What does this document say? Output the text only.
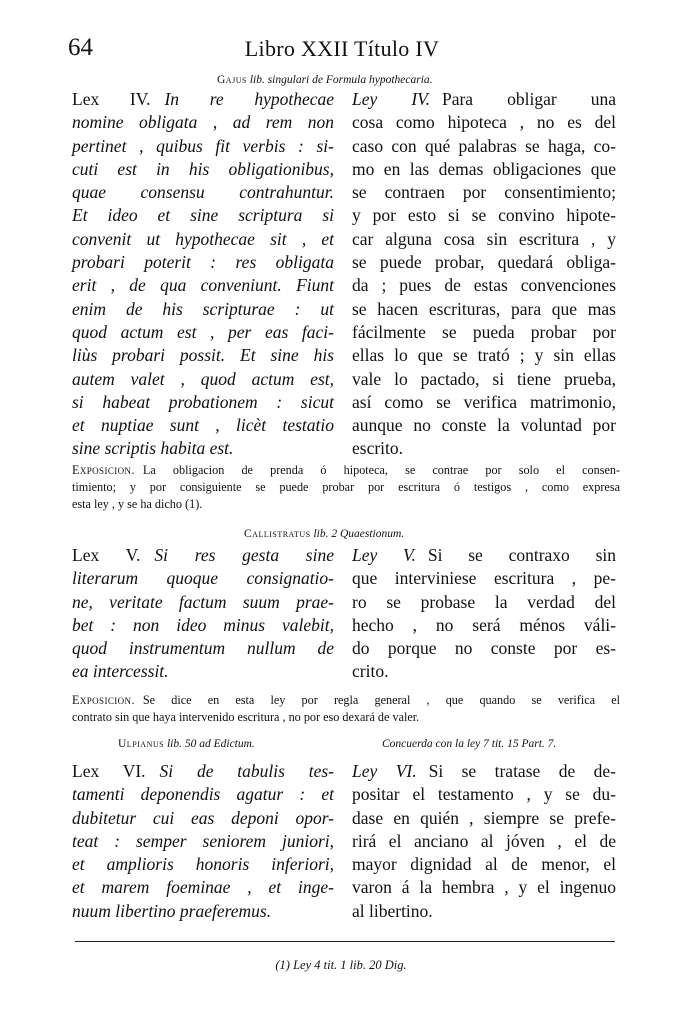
64	Libro XXII Título IV
Gajus lib. singulari de Formula hypothecaria.
Lex IV. In re hypothecae
nomine obligata , ad rem non
pertinet , quibus fit verbis : si-
cuti est in his obligationibus,
quae consensu contrahuntur.
Et ideo et sine scriptura si
convenit ut hypothecae sit , et
probari poterit : res obligata
erit , de qua conveniunt. Fiunt
enim de his scripturae : ut
quod actum est , per eas faci-
liùs probari possit. Et sine his
autem valet , quod actum est,
si habeat probationem : sicut
et nuptiae sunt , licèt testatio
sine scriptis habita est.
Ley IV. Para obligar una
cosa como hipoteca , no es del
caso con qué palabras se haga, co-
mo en las demas obligaciones que
se contraen por consentimiento;
y por esto si se convino hipote-
car alguna cosa sin escritura , y
se puede probar, quedará obliga-
da ; pues de estas convenciones
se hacen escrituras, para que mas
fácilmente se pueda probar por
ellas lo que se trató ; y sin ellas
vale lo pactado, si tiene prueba,
así como se verifica matrimonio,
aunque no conste la voluntad por
escrito.
Exposicion. La obligacion de prenda ó hipoteca, se contrae por solo el consen-
timiento; y por consiguiente se puede probar por escritura ó testigos , como expresa
esta ley , y se ha dicho (1).
Callistratus lib. 2 Quaestionum.
Lex V. Si res gesta sine
literarum quoque consignatio-
ne, veritate factum suum prae-
bet : non ideo minus valebit,
quod instrumentum nullum de
ea intercessit.
Ley V. Si se contraxo sin
que interviniese escritura , pe-
ro se probase la verdad del
hecho , no será ménos váli-
do porque no conste por es-
crito.
Exposicion. Se dice en esta ley por regla general , que quando se verifica el
contrato sin que haya intervenido escritura , no por eso dexará de valer.
Ulpianus lib. 50 ad Edictum.	Concuerda con la ley 7 tit. 15 Part. 7.
Lex VI. Si de tabulis tes-
tamenti deponendis agatur : et
dubitetur cui eas deponi opor-
teat : semper seniorem juniori,
et amplioris honoris inferiori,
et marem foeminae , et inge-
nuum libertino praeferemus.
Ley VI. Si se tratase de de-
positar el testamento , y se du-
dase en quién , siempre se prefe-
rirá el anciano al jóven , el de
mayor dignidad al de menor, el
varon á la hembra , y el ingenuo
al libertino.
(1) Ley 4 tit. 1 lib. 20 Dig.
